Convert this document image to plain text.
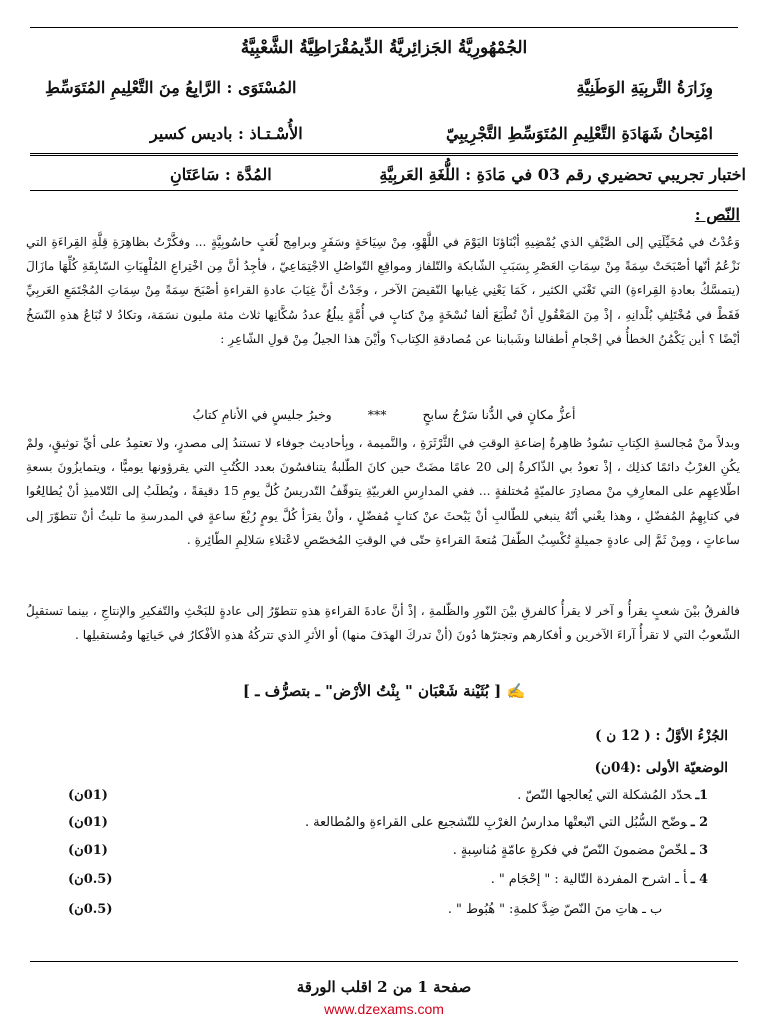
الجُمْهُورِيَّةُ الجَزائِريَّةُ الدِّيمُقْرَاطِيَّةُ الشَّعْبِيَّةُ
وِزَارَةُ التَّربِيَةِ الوَطَنِيَّةِ
المُسْتَوَى : الرَّابِعُ مِنَ التَّعْلِيمِ المُتَوَسِّطِ
امْتِحانُ شَهَادَةِ التَّعْلِيمِ المُتَوَسِّطِ التَّجْرِيبِيّ
الأُسْـتـاذ : باديس كسير
اختبار تجريبي تحضيري رقم 03 في مَادَةِ : اللُّغَةِ العَربِيَّةِ
المُدَّة : سَاعَتَانِ
النّص :
وَعُدْتُ في مُخَيِّلَتِي إلى الصَّيْفِ الذي يُمْضِيهِ أبْنَاؤنَا اليَوْمَ في اللَّهْوِ، مِنْ سِيَاحَةٍ وسَفَرٍ وبرامِج لُعَبٍ حاسُوبِيَّةٍ ... وفكَّرْتُ بظاهِرَةِ قِلَّةِ القِراءَةِ التي نَزْعُمُ أنّها أصْبَحَتْ سِمَةً مِنْ سِمَاتِ العَصْرِ بِسَبَبِ الشّابكة والتّلفاز ومواقِعِ التّواصُلِ الاجْتِمَاعِيّ ، فأجِدُ أنَّ مِن اخْتِراعِ المُلْهِيَاتِ السّابِقَةِ كُلِّهَا مازَالَ (يتمسَّكُ بعادةِ القِراءةِ) التي تَغْنَي الكثير ، كَمَا يَعْنِي غِيابها النّقيضَ الآخر ، وجَدْتُ أنَّ غِيَابَ عادةِ القراءةِ أصْبَحَ سِمَةً مِنْ سِمَاتِ المُجْتَمَعِ العَربِيِّ فَقَطْ في مُخْتَلِفِ بُلْدانِهِ ، إذْ مِنَ المَعْقُولِ أنْ تُطْبَعَ ألفا نُسْخَةٍ مِنْ كتابٍ في أُمَّةٍ يبلُغُ عددُ سُكَّانِها ثلاث مئة مليون نسَمَة، وتكادُ لا تُبَاعُ هذهِ النّسَخُ أيْضًا ؟ أين يَكْمُنُ الخطأُ في إحْجامِ أطفالنا وشَبابنا عن مُصادقةِ الكِتاب؟ وأيْنَ هذا الجيلُ مِنْ قولِ الشّاعِرِ :
أعزُّ مكانٍ في الدُّنا سَرْجُ سابحٍ *** وخيرُ جليسٍ في الأنامِ كتابُ
وبدلاً منْ مُجالسةِ الكِتابِ تسُودُ ظاهِرةُ إضاعةِ الوقتِ في الثَّرْثَرَةِ ، والنَّميمة ، وبِأحاديث جوفاء لا تستندُ إلى مصدرٍ، ولا تعتمِدُ على أيِّ توثيقٍ، ولمْ يكُنِ الغرْبُ دائمًا كذلِك ، إذْ تعودُ بي الذّاكرةُ إلى 20 عامًا مضَتْ حين كانَ الطّلبةُ يتنافسُونَ بعدد الكُتُبِ التي يقرؤونها يوميًّا ، ويتمايزُونَ بسعةِ اطّلاعِهِم على المعارِفِ منْ مصادِرَ عالميّةٍ مُختلفةٍ ... ففي المدارِسِ الغربيّةِ يتوقّفُ التّدريسُ كُلَّ يومِ 15 دقيقةً ، ويُطلَبُ إلى التّلاميذِ أنْ يُطالِعُوا في كتابِهِمُ المُفضّلِ ، وهذا يعْني أنّهُ ينبغي للطّالبِ أنْ يَبْحثَ عنْ كتابٍ مُفضّلٍ ، وأنْ يقرَأ كُلَّ يومٍ رُبْعَ ساعةٍ في المدرسةِ ما تلبثُ أنْ تتطوّرَ إلى ساعاتٍ ، ومِنْ ثَمَّ إلى عادةٍ جميلةٍ تُكْسِبُ الطّفلَ مُتعةَ القراءةِ حتّى في الوقتِ المُخصّصِ لاعْتلاءِ سَلالِمِ الطّائِرةِ .
فالفرقُ بيْنَ شعبٍ يقرأُ و آخر لا يقرأُ كالفرقِ بيْنَ النّورِ والظّلمةِ ، إذْ أنَّ عادةَ القراءةِ هذهِ تتطوّرُ إلى عادةٍ للبَحْثِ والتّفكيرِ والإنتاجِ ، بينما تستقبِلُ الشّعوبُ التي لا تقرأُ آراءَ الآخرين و أفكارهم وتجترّها دُونَ (أنْ تدركَ الهدَفَ منها) أو الأثرِ الذي تتركُهُ هذهِ الأفْكارُ في حَياتِها ومُستقبلِها .
✍ [ بُثَيْنة شَعْبَان " بِنْتُ الأرْض" ـ بتصرُّف ـ ]
الجُزْءُ الأوَّلُ : ( 12 ن )
الوضعيّة الأولى :(04ن)
1ـحدّد المُشكلة التي يُعالجها النّصّ .
(01ن)
2 ـوضّح السُّبُل التي اتّبعتْها مدارسُ الغرْبِ للتّشجيع على القراءةِ والمُطالعة .
(01ن)
3 ـلخّصْ مضمونَ النّصّ في فكرةٍ عامّةٍ مُناسِبةٍ .
(01ن)
4 ـأ ـ اشرح المفردة التّالية : " إحْجَام " .
(0.5ن)
ب ـ هاتِ منَ النّصّ ضِدَّ كلمةِ: " هُبُوط " .
(0.5ن)
صفحة 1 من 2 اقلب الورقة
www.dzexams.com
